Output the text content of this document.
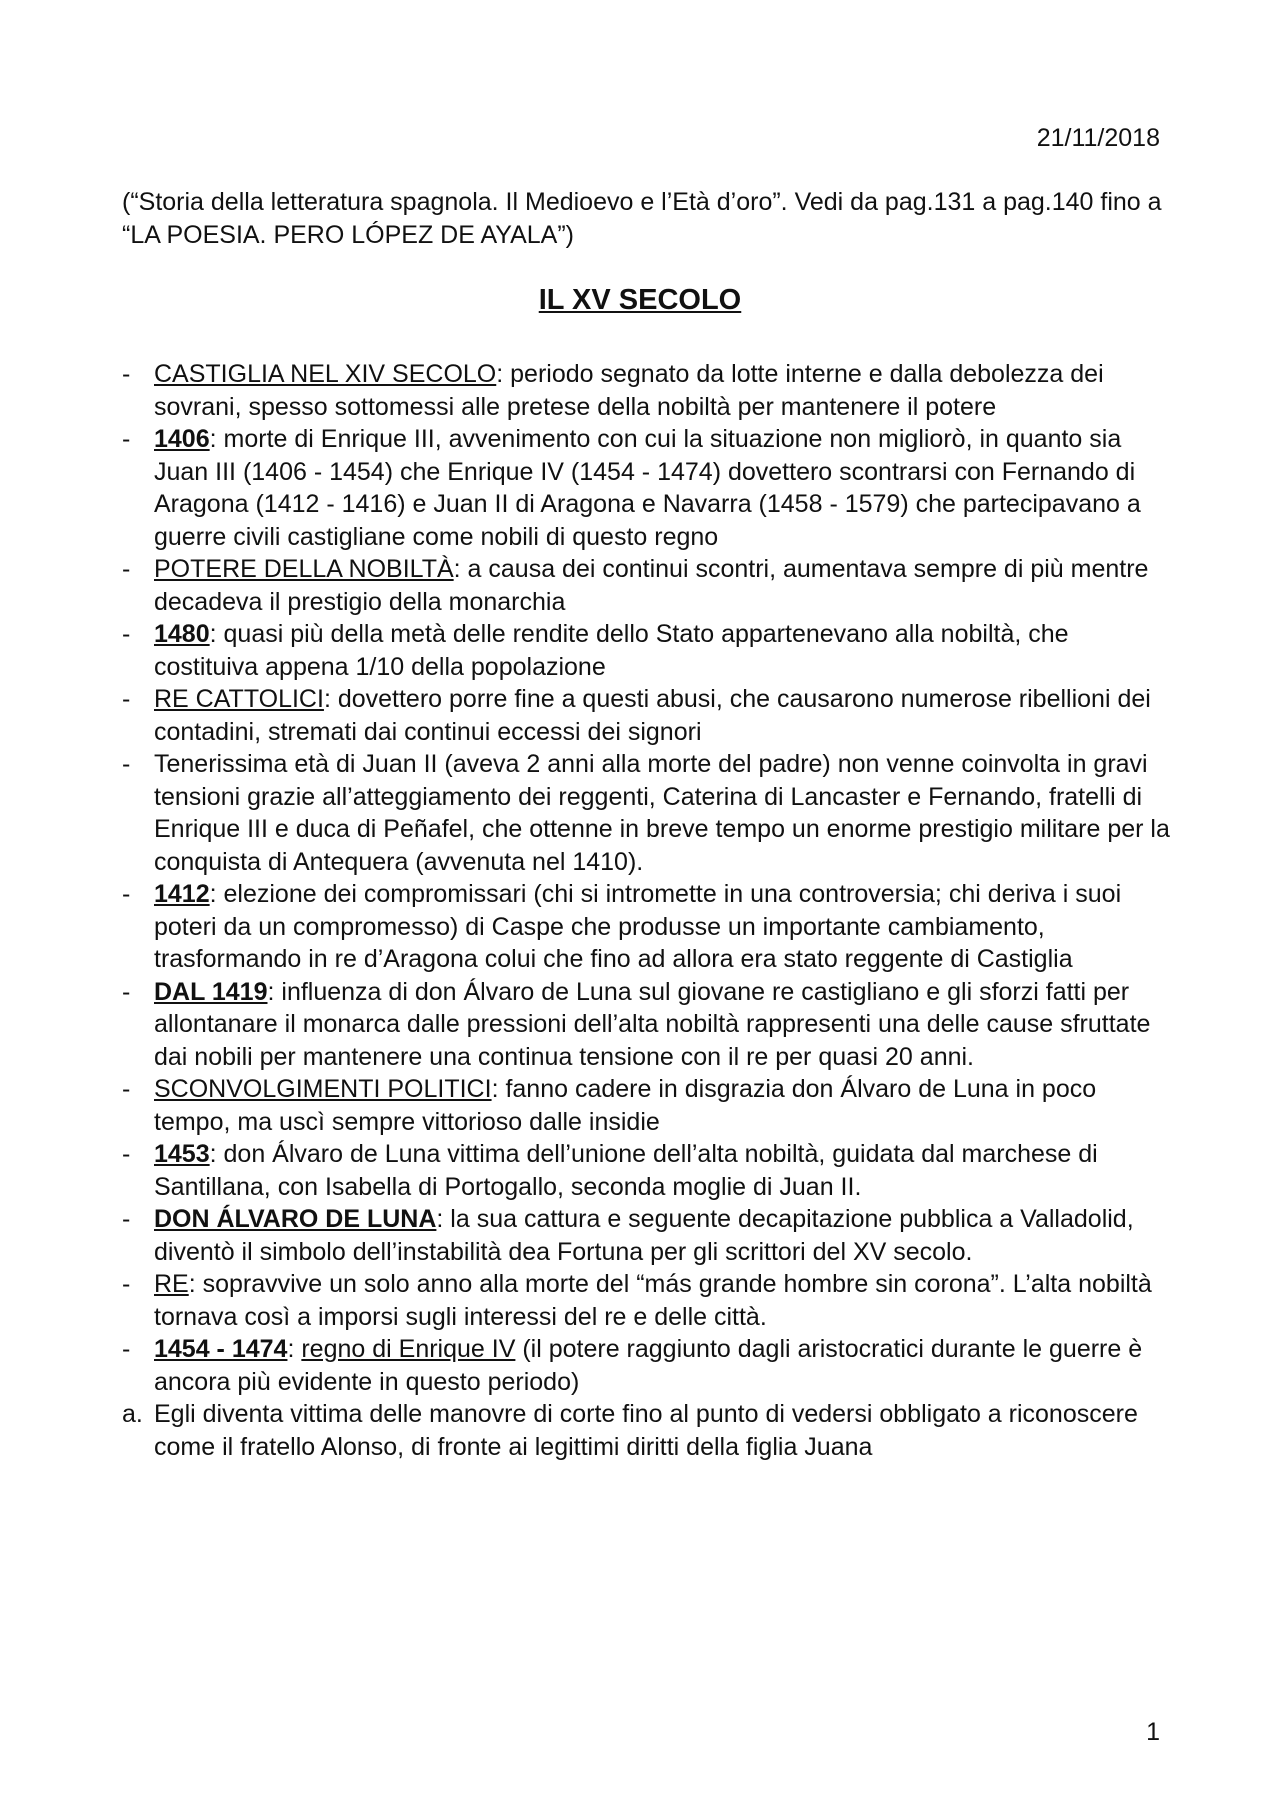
21/11/2018
(“Storia della letteratura spagnola. Il Medioevo e l’Età d’oro”. Vedi da pag.131 a pag.140 fino a “LA POESIA. PERO LÓPEZ DE AYALA”)
IL XV SECOLO
- CASTIGLIA NEL XIV SECOLO: periodo segnato da lotte interne e dalla debolezza dei sovrani, spesso sottomessi alle pretese della nobiltà per mantenere il potere
- 1406: morte di Enrique III, avvenimento con cui la situazione non migliorò, in quanto sia Juan III (1406 - 1454) che Enrique IV (1454 - 1474) dovettero scontrarsi con Fernando di Aragona (1412 - 1416) e Juan II di Aragona e Navarra (1458 - 1579) che partecipavano a guerre civili castigliane come nobili di questo regno
- POTERE DELLA NOBILTÀ: a causa dei continui scontri, aumentava sempre di più mentre decadeva il prestigio della monarchia
- 1480: quasi più della metà delle rendite dello Stato appartenevano alla nobiltà, che costituiva appena 1/10 della popolazione
- RE CATTOLICI: dovettero porre fine a questi abusi, che causarono numerose ribellioni dei contadini, stremati dai continui eccessi dei signori
- Tenerissima età di Juan II (aveva 2 anni alla morte del padre) non venne coinvolta in gravi tensioni grazie all’atteggiamento dei reggenti, Caterina di Lancaster e Fernando, fratelli di Enrique III e duca di Peñafel, che ottenne in breve tempo un enorme prestigio militare per la conquista di Antequera (avvenuta nel 1410).
- 1412: elezione dei compromissari (chi si intromette in una controversia; chi deriva i suoi poteri da un compromesso) di Caspe che produsse un importante cambiamento, trasformando in re d’Aragona colui che fino ad allora era stato reggente di Castiglia
- DAL 1419: influenza di don Álvaro de Luna sul giovane re castigliano e gli sforzi fatti per allontanare il monarca dalle pressioni dell’alta nobiltà rappresenti una delle cause sfruttate dai nobili per mantenere una continua tensione con il re per quasi 20 anni.
- SCONVOLGIMENTI POLITICI: fanno cadere in disgrazia don Álvaro de Luna in poco tempo, ma uscì sempre vittorioso dalle insidie
- 1453: don Álvaro de Luna vittima dell’unione dell’alta nobiltà, guidata dal marchese di Santillana, con Isabella di Portogallo, seconda moglie di Juan II.
- DON ÁLVARO DE LUNA: la sua cattura e seguente decapitazione pubblica a Valladolid, diventò il simbolo dell’instabilità dea Fortuna per gli scrittori del XV secolo.
- RE: sopravvive un solo anno alla morte del “más grande hombre sin corona”. L’alta nobiltà tornava così a imporsi sugli interessi del re e delle città.
- 1454 - 1474: regno di Enrique IV (il potere raggiunto dagli aristocratici durante le guerre è ancora più evidente in questo periodo)
a. Egli diventa vittima delle manovre di corte fino al punto di vedersi obbligato a riconoscere come il fratello Alonso, di fronte ai legittimi diritti della figlia Juana
1
